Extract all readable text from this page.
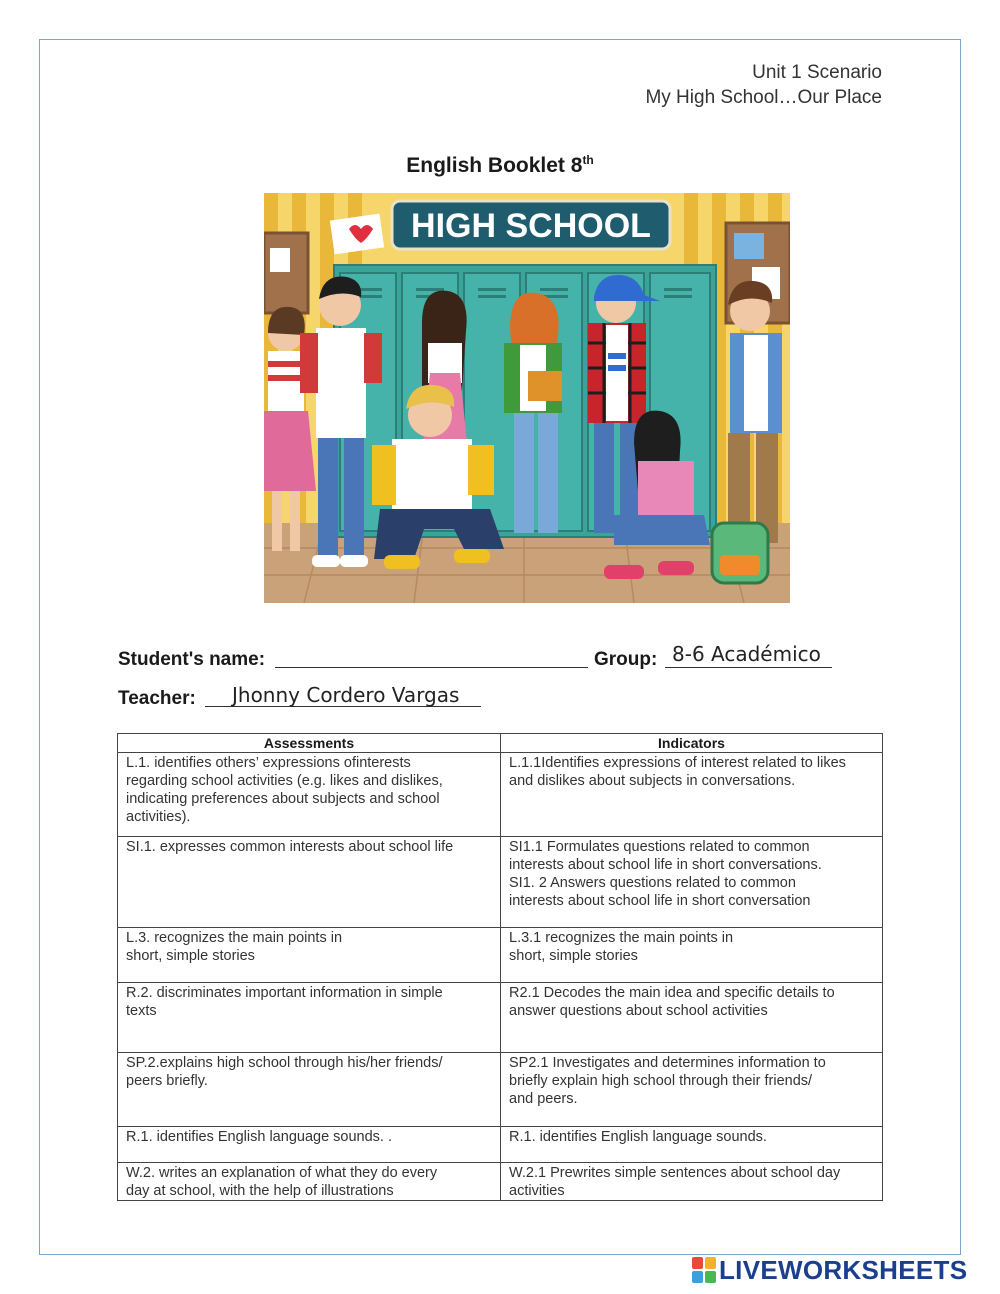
Unit 1 Scenario
My High School…Our Place
English Booklet 8th
HIGH SCHOOL
Student's name:	Group: 8-6 Académico
Teacher: Jhonny Cordero Vargas
Assessments	Indicators

L.1. identifies others’ expressions ofinterests
regarding school activities (e.g. likes and dislikes,
indicating preferences about subjects and school
activities).	L.1.1Identifies expressions of interest related to likes
and dislikes about subjects in conversations.

SI.1. expresses common interests about school life	SI1.1 Formulates questions related to common
interests about school life in short conversations.
SI1. 2 Answers questions related to common
interests about school life in short conversation

L.3. recognizes the main points in
short, simple stories	L.3.1 recognizes the main points in
short, simple stories

R.2. discriminates important information in simple
texts	R2.1 Decodes the main idea and specific details to
answer questions about school activities

SP.2.explains high school through his/her friends/
peers briefly.	SP2.1 Investigates and determines information to
briefly explain high school through their friends/
and peers.

R.1. identifies English language sounds. .	R.1. identifies English language sounds.

W.2. writes an explanation of what they do every
day at school, with the help of illustrations	W.2.1 Prewrites simple sentences about school day
activities
LIVEWORKSHEETS
